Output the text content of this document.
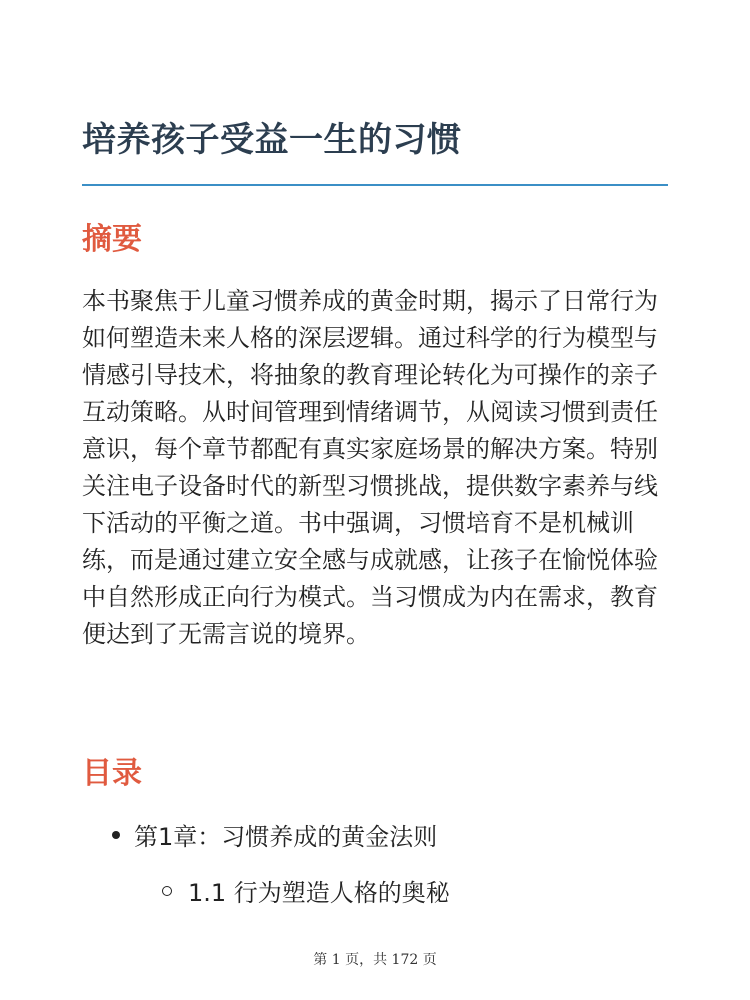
培养孩子受益一生的习惯
摘要

本书聚焦于儿童习惯养成的黄金时期，揭示了日常行为如何塑造未来人格的深层逻辑。通过科学的行为模型与情感引导技术，将抽象的教育理论转化为可操作的亲子互动策略。从时间管理到情绪调节，从阅读习惯到责任意识，每个章节都配有真实家庭场景的解决方案。特别关注电子设备时代的新型习惯挑战，提供数字素养与线下活动的平衡之道。书中强调，习惯培育不是机械训练，而是通过建立安全感与成就感，让孩子在愉悦体验中自然形成正向行为模式。当习惯成为内在需求，教育便达到了无需言说的境界。

目录
第1章：习惯养成的黄金法则
1.1 行为塑造人格的奥秘
第 1 页，共 172 页
